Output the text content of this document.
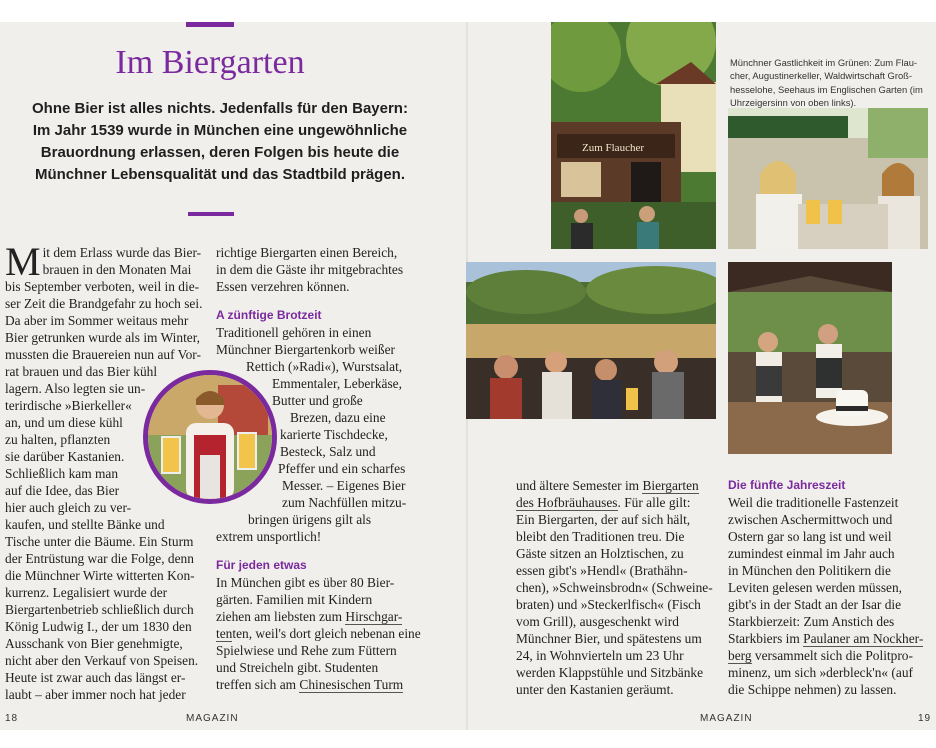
Im Biergarten
Ohne Bier ist alles nichts. Jedenfalls für den Bayern: Im Jahr 1539 wurde in München eine ungewöhnliche Brauordnung erlassen, deren Folgen bis heute die Münchner Lebensqualität und das Stadtbild prägen.
M it dem Erlass wurde das Bier-
brauen in den Monaten Mai
bis September verboten, weil in die-
ser Zeit die Brandgefahr zu hoch sei.
Da aber im Sommer weitaus mehr
Bier getrunken wurde als im Winter,
mussten die Brauereien nun auf Vor-
rat brauen und das Bier kühl
lagern. Also legten sie un-
terirdische »Bierkeller«
an, und um diese kühl
zu halten, pflanzten
sie darüber Kastanien.
Schließlich kam man
auf die Idee, das Bier
hier auch gleich zu ver-
kaufen, und stellte Bänke und
Tische unter die Bäume. Ein Sturm
der Entrüstung war die Folge, denn
die Münchner Wirte witterten Kon-
kurrenz. Legalisiert wurde der
Biergartenbetrieb schließlich durch
König Ludwig I., der um 1830 den
Ausschank von Bier genehmigte,
nicht aber den Verkauf von Speisen.
Heute ist zwar auch das längst er-
laubt – aber immer noch hat jeder
richtige Biergarten einen Bereich,
in dem die Gäste ihr mitgebrachtes
Essen verzehren können.
A zünftige Brotzeit
Traditionell gehören in einen
Münchner Biergartenkorb weißer
Rettich (»Radi«), Wurstsalat,
Emmentaler, Leberkäse,
Butter und große
Brezen, dazu eine
karierte Tischdecke,
Besteck, Salz und
Pfeffer und ein scharfes
Messer. – Eigenes Bier
zum Nachfüllen mitzu-
bringen ürigens gilt als
extrem unsportlich!
Für jeden etwas
In München gibt es über 80 Bier-
gärten. Familien mit Kindern
ziehen am liebsten zum Hirschgar-
tenten, weil's dort gleich nebenan eine
Spielwiese und Rehe zum Füttern
und Streicheln gibt. Studenten
treffen sich am Chinesischen Turm
18	MAGAZIN
Zum Flaucher
Münchner Gastlichkeit im Grünen: Zum Flau-
cher, Augustinerkeller, Waldwirtschaft Groß-
hesselohe, Seehaus im Englischen Garten (im
Uhrzeigersinn von oben links).
und ältere Semester im Biergarten
des Hofbräuhauses. Für alle gilt:
Ein Biergarten, der auf sich hält,
bleibt den Traditionen treu. Die
Gäste sitzen an Holztischen, zu
essen gibt's »Hendl« (Brathähn-
chen), »Schweinsbrodn« (Schweine-
braten) und »Steckerlfisch« (Fisch
vom Grill), ausgeschenkt wird
Münchner Bier, und spätestens um
24, in Wohnvierteln um 23 Uhr
werden Klappstühle und Sitzbänke
unter den Kastanien geräumt.
Die fünfte Jahreszeit
Weil die traditionelle Fastenzeit
zwischen Aschermittwoch und
Ostern gar so lang ist und weil
zumindest einmal im Jahr auch
in München den Politikern die
Leviten gelesen werden müssen,
gibt's in der Stadt an der Isar die
Starkbierzeit: Zum Anstich des
Starkbiers im Paulaner am Nockher-
berg versammelt sich die Politpro-
minenz, um sich »derbleck'n« (auf
die Schippe nehmen) zu lassen.
MAGAZIN	19
